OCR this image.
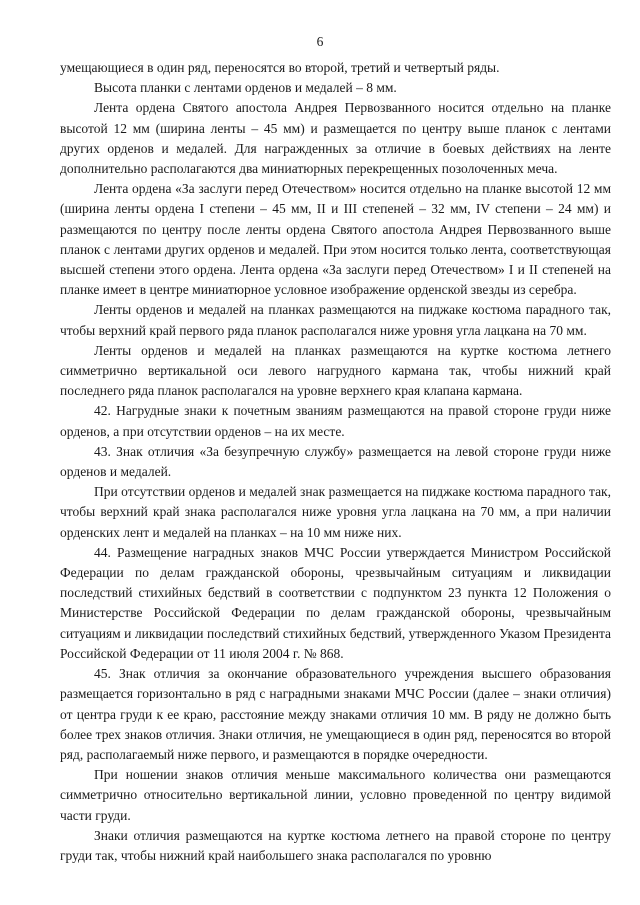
6

умещающиеся в один ряд, переносятся во второй, третий и четвертый ряды.

Высота планки с лентами орденов и медалей – 8 мм.

Лента ордена Святого апостола Андрея Первозванного носится отдельно на планке высотой 12 мм (ширина ленты – 45 мм) и размещается по центру выше планок с лентами других орденов и медалей. Для награжденных за отличие в боевых действиях на ленте дополнительно располагаются два миниатюрных перекрещенных позолоченных меча.

Лента ордена «За заслуги перед Отечеством» носится отдельно на планке высотой 12 мм (ширина ленты ордена I степени – 45 мм, II и III степеней – 32 мм, IV степени – 24 мм) и размещаются по центру после ленты ордена Святого апостола Андрея Первозванного выше планок с лентами других орденов и медалей. При этом носится только лента, соответствующая высшей степени этого ордена. Лента ордена «За заслуги перед Отечеством» I и II степеней на планке имеет в центре миниатюрное условное изображение орденской звезды из серебра.

Ленты орденов и медалей на планках размещаются на пиджаке костюма парадного так, чтобы верхний край первого ряда планок располагался ниже уровня угла лацкана на 70 мм.

Ленты орденов и медалей на планках размещаются на куртке костюма летнего симметрично вертикальной оси левого нагрудного кармана так, чтобы нижний край последнего ряда планок располагался на уровне верхнего края клапана кармана.

42. Нагрудные знаки к почетным званиям размещаются на правой стороне груди ниже орденов, а при отсутствии орденов – на их месте.

43. Знак отличия «За безупречную службу» размещается на левой стороне груди ниже орденов и медалей.

При отсутствии орденов и медалей знак размещается на пиджаке костюма парадного так, чтобы верхний край знака располагался ниже уровня угла лацкана на 70 мм, а при наличии орденских лент и медалей на планках – на 10 мм ниже них.

44. Размещение наградных знаков МЧС России утверждается Министром Российской Федерации по делам гражданской обороны, чрезвычайным ситуациям и ликвидации последствий стихийных бедствий в соответствии с подпунктом 23 пункта 12 Положения о Министерстве Российской Федерации по делам гражданской обороны, чрезвычайным ситуациям и ликвидации последствий стихийных бедствий, утвержденного Указом Президента Российской Федерации от 11 июля 2004 г. № 868.

45. Знак отличия за окончание образовательного учреждения высшего образования размещается горизонтально в ряд с наградными знаками МЧС России (далее – знаки отличия) от центра груди к ее краю, расстояние между знаками отличия 10 мм. В ряду не должно быть более трех знаков отличия. Знаки отличия, не умещающиеся в один ряд, переносятся во второй ряд, располагаемый ниже первого, и размещаются в порядке очередности.

При ношении знаков отличия меньше максимального количества они размещаются симметрично относительно вертикальной линии, условно проведенной по центру видимой части груди.

Знаки отличия размещаются на куртке костюма летнего на правой стороне по центру груди так, чтобы нижний край наибольшего знака располагался по уровню
